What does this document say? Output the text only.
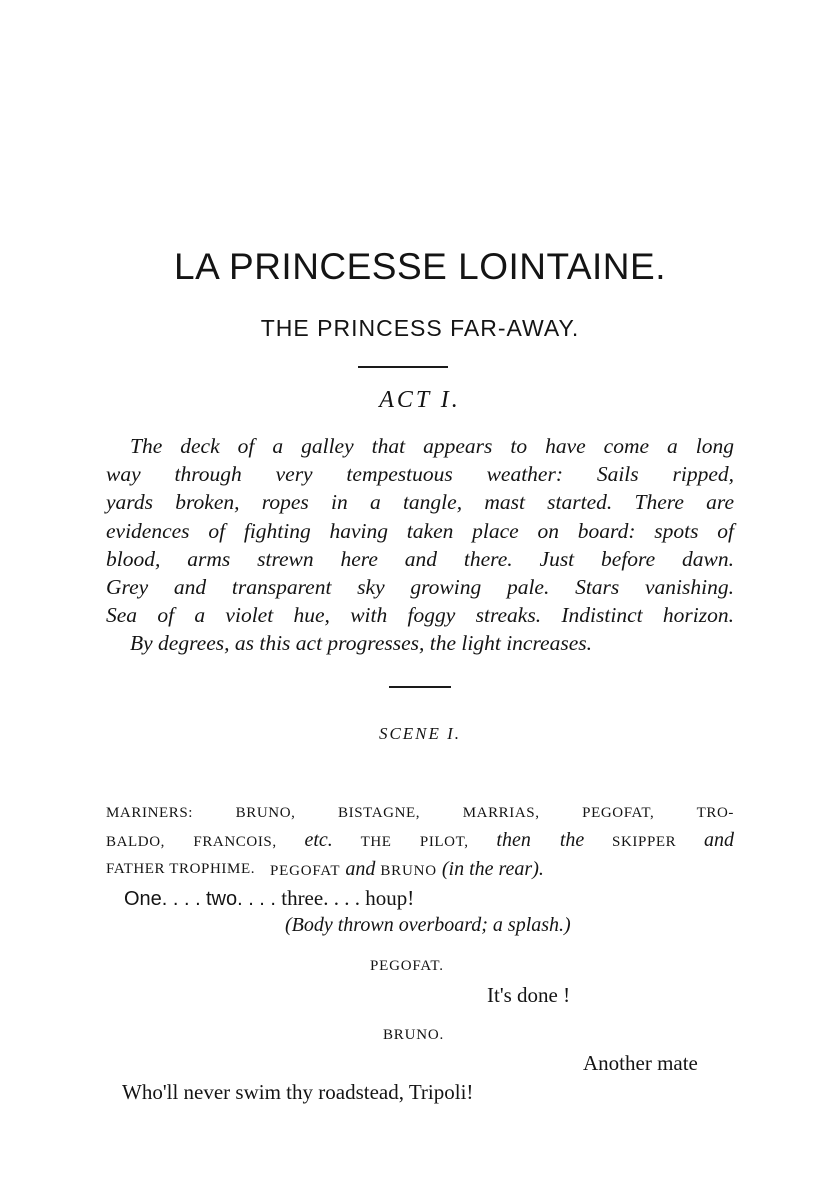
LA PRINCESSE LOINTAINE.
THE PRINCESS FAR-AWAY.
ACT I.
The deck of a galley that appears to have come a long
way through very tempestuous weather: Sails ripped,
yards broken, ropes in a tangle, mast started. There are
evidences of fighting having taken place on board: spots of
blood, arms strewn here and there. Just before dawn.
Grey and transparent sky growing pale. Stars vanishing.
Sea of a violet hue, with foggy streaks. Indistinct horizon.
By degrees, as this act progresses, the light increases.
SCENE I.
MARINERS: BRUNO, BISTAGNE, MARRIAS, PEGOFAT, TRO-
BALDO, FRANCOIS, etc. THE PILOT, then the SKIPPER and
FATHER TROPHIME. PEGOFAT and BRUNO (in the rear).
One. . . . two. . . . three. . . . houp!
(Body thrown overboard; a splash.)
PEGOFAT.
It's done !
BRUNO.
Another mate
Who'll never swim thy roadstead, Tripoli!
